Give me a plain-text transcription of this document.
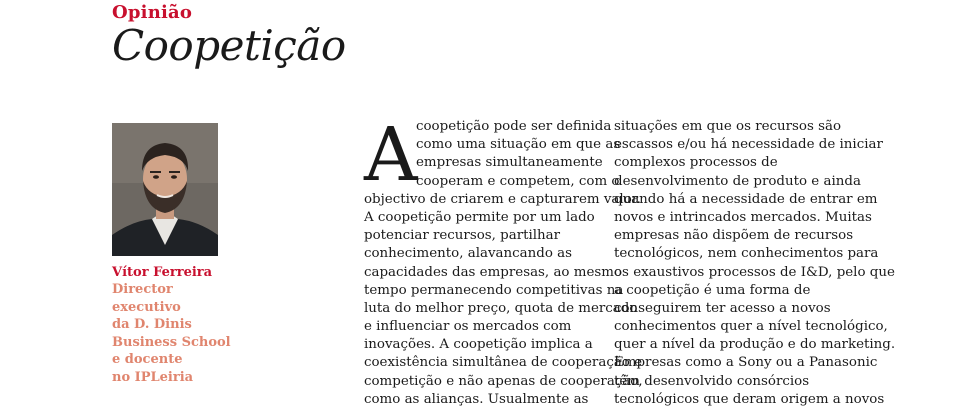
Opinião
Coopetição
Vítor Ferreira
Director
executivo
da D. Dinis
Business School
e docente
no IPLeiria
A
coopetição pode ser definida
como uma situação em que as
empresas simultaneamente
cooperam e competem, com o
objectivo de criarem e capturarem valor.
A coopetição permite por um lado
potenciar recursos, partilhar
conhecimento, alavancando as
capacidades das empresas, ao mesmo
tempo permanecendo competitivas na
luta do melhor preço, quota de mercado
e influenciar os mercados com
inovações. A coopetição implica a
coexistência simultânea de cooperação e
competição e não apenas de cooperação,
como as alianças. Usualmente as
situações em que os recursos são
escassos e/ou há necessidade de iniciar
complexos processos de
desenvolvimento de produto e ainda
quando há a necessidade de entrar em
novos e intrincados mercados. Muitas
empresas não dispõem de recursos
tecnológicos, nem conhecimentos para
os exaustivos processos de I&D, pelo que
a coopetição é uma forma de
conseguirem ter acesso a novos
conhecimentos quer a nível tecnológico,
quer a nível da produção e do marketing.
Empresas como a Sony ou a Panasonic
têm desenvolvido consórcios
tecnológicos que deram origem a novos
